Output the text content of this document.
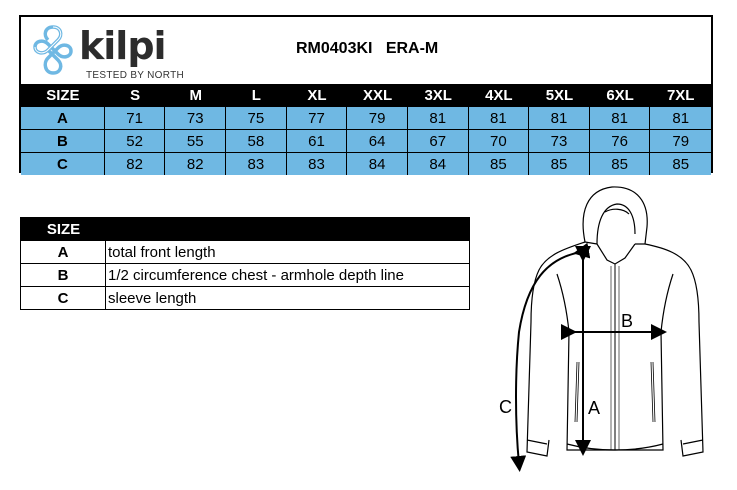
kilpi
TESTED BY NORTH
RM0403KI   ERA-M
SIZE	S	M	L	XL	XXL	3XL	4XL	5XL	6XL	7XL
A	71	73	75	77	79	81	81	81	81	81
B	52	55	58	61	64	67	70	73	76	79
C	82	82	83	83	84	84	85	85	85	85
SIZE
A	total front length
B	1/2 circumference chest - armhole depth line
C	sleeve length
A
B
C
